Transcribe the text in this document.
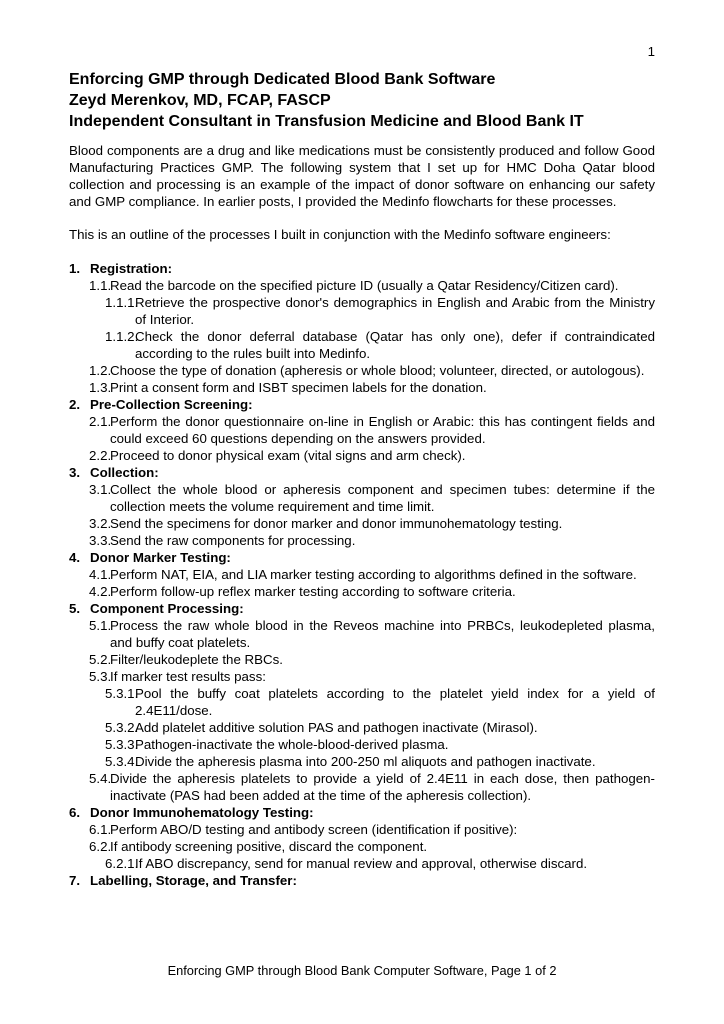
1
Enforcing GMP through Dedicated Blood Bank Software
Zeyd Merenkov, MD, FCAP, FASCP
Independent Consultant in Transfusion Medicine and Blood Bank IT

Blood components are a drug and like medications must be consistently produced and follow Good Manufacturing Practices GMP. The following system that I set up for HMC Doha Qatar blood collection and processing is an example of the impact of donor software on enhancing our safety and GMP compliance. In earlier posts, I provided the Medinfo flowcharts for these processes.

This is an outline of the processes I built in conjunction with the Medinfo software engineers:

1. Registration:
1.1.
Read the barcode on the specified picture ID (usually a Qatar Residency/Citizen card).
1.1.1.
Retrieve the prospective donor's demographics in English and Arabic from the Ministry of Interior.
1.1.2.
Check the donor deferral database (Qatar has only one), defer if contraindicated according to the rules built into Medinfo.
1.2.
Choose the type of donation (apheresis or whole blood; volunteer, directed, or autologous).
1.3.
Print a consent form and ISBT specimen labels for the donation.
2. Pre-Collection Screening:
2.1.
Perform the donor questionnaire on-line in English or Arabic: this has contingent fields and could exceed 60 questions depending on the answers provided.
2.2.
Proceed to donor physical exam (vital signs and arm check).
3. Collection:
3.1.
Collect the whole blood or apheresis component and specimen tubes: determine if the collection meets the volume requirement and time limit.
3.2.
Send the specimens for donor marker and donor immunohematology testing.
3.3.
Send the raw components for processing.
4. Donor Marker Testing:
4.1.
Perform NAT, EIA, and LIA marker testing according to algorithms defined in the software.
4.2.
Perform follow-up reflex marker testing according to software criteria.
5. Component Processing:
5.1.
Process the raw whole blood in the Reveos machine into PRBCs, leukodepleted plasma, and buffy coat platelets.
5.2.
Filter/leukodeplete the RBCs.
5.3.
If marker test results pass:
5.3.1.
Pool the buffy coat platelets according to the platelet yield index for a yield of 2.4E11/dose.
5.3.2.
Add platelet additive solution PAS and pathogen inactivate (Mirasol).
5.3.3.
Pathogen-inactivate the whole-blood-derived plasma.
5.3.4.
Divide the apheresis plasma into 200-250 ml aliquots and pathogen inactivate.
5.4.
Divide the apheresis platelets to provide a yield of 2.4E11 in each dose, then pathogen-inactivate (PAS had been added at the time of the apheresis collection).
6. Donor Immunohematology Testing:
6.1.
Perform ABO/D testing and antibody screen (identification if positive):
6.2.
If antibody screening positive, discard the component.
6.2.1.
If ABO discrepancy, send for manual review and approval, otherwise discard.
7. Labelling, Storage, and Transfer:
Enforcing GMP through Blood Bank Computer Software, Page 1 of 2
